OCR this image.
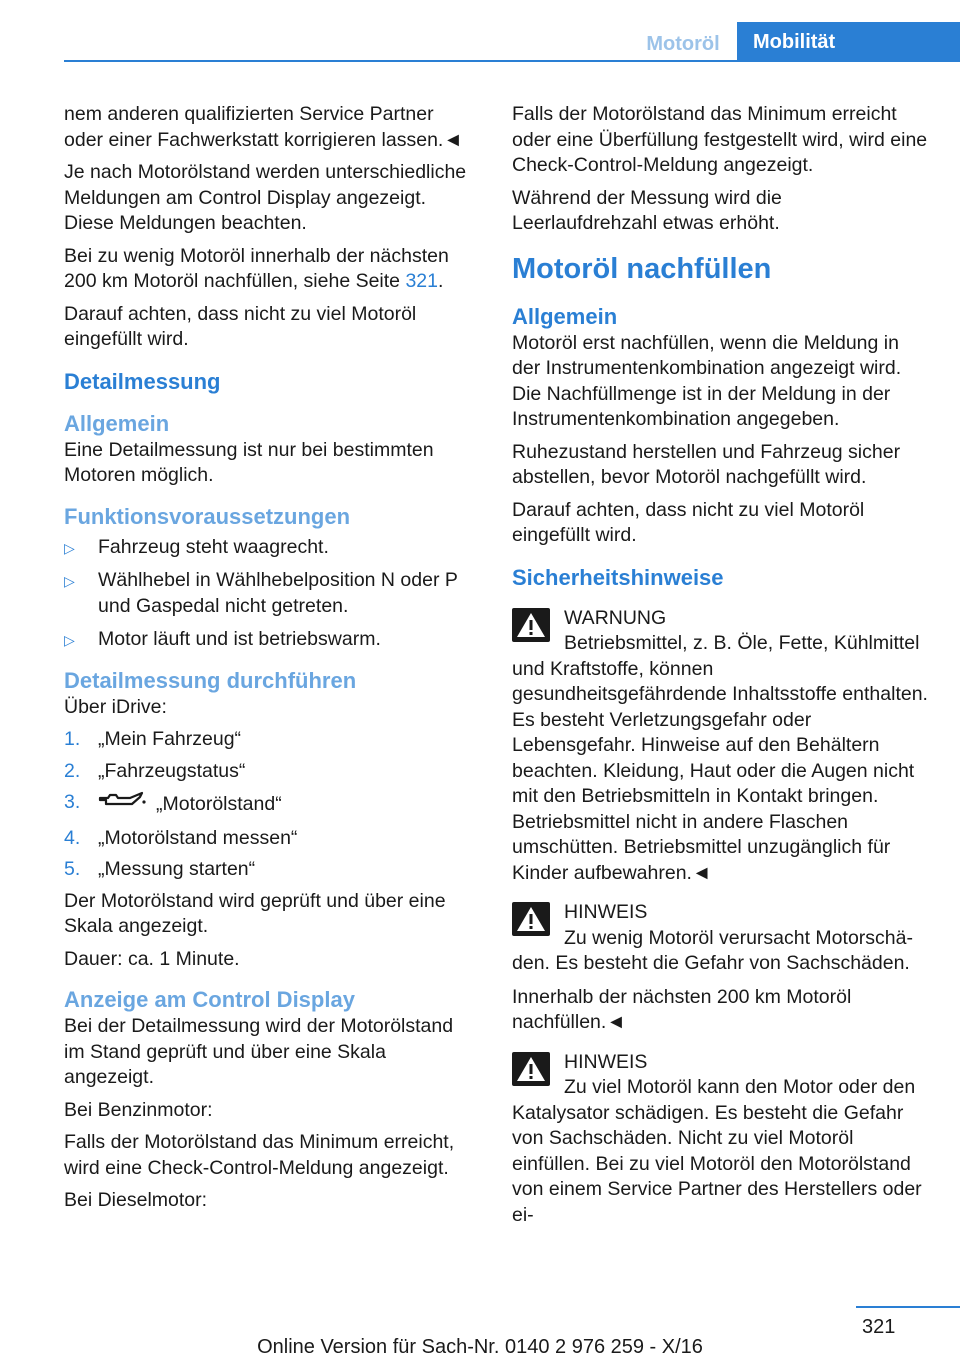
Motoröl	Mobilität

nem anderen qualifizierten Service Partner oder einer Fachwerkstatt korrigieren lassen.◄

Je nach Motorölstand werden unterschiedliche Meldungen am Control Display angezeigt. Diese Meldungen beachten.

Bei zu wenig Motoröl innerhalb der nächsten 200 km Motoröl nachfüllen, siehe Seite 321.

Darauf achten, dass nicht zu viel Motoröl eingefüllt wird.

Detailmessung
Allgemein

Eine Detailmessung ist nur bei bestimmten Motoren möglich.

Funktionsvoraussetzungen
▷ Fahrzeug steht waagrecht.
▷ Wählhebel in Wählhebelposition N oder P und Gaspedal nicht getreten.
▷ Motor läuft und ist betriebswarm.
Detailmessung durchführen

Über iDrive:

1. „Mein Fahrzeug“
2. „Fahrzeugstatus“
3.	„Motorölstand“
4. „Motorölstand messen“
5. „Messung starten“

Der Motorölstand wird geprüft und über eine Skala angezeigt.

Dauer: ca. 1 Minute.

Anzeige am Control Display

Bei der Detailmessung wird der Motorölstand im Stand geprüft und über eine Skala angezeigt.

Bei Benzinmotor:

Falls der Motorölstand das Minimum erreicht, wird eine Check-Control-Meldung angezeigt.

Bei Dieselmotor:

Falls der Motorölstand das Minimum erreicht oder eine Überfüllung festgestellt wird, wird eine Check-Control-Meldung angezeigt.

Während der Messung wird die Leerlaufdrehzahl etwas erhöht.

Motoröl nachfüllen
Allgemein

Motoröl erst nachfüllen, wenn die Meldung in der Instrumentenkombination angezeigt wird. Die Nachfüllmenge ist in der Meldung in der Instrumentenkombination angegeben.

Ruhezustand herstellen und Fahrzeug sicher abstellen, bevor Motoröl nachgefüllt wird.

Darauf achten, dass nicht zu viel Motoröl eingefüllt wird.

Sicherheitshinweise
WARNUNG
Betriebsmittel, z. B. Öle, Fette, Kühlmittel
und Kraftstoffe, können gesundheitsgefährdende Inhaltsstoffe enthalten. Es besteht Verletzungsgefahr oder Lebensgefahr. Hinweise auf den Behältern beachten. Kleidung, Haut oder die Augen nicht mit den Betriebsmitteln in Kontakt bringen. Betriebsmittel nicht in andere Flaschen umschütten. Betriebsmittel unzugänglich für Kinder aufbewahren.◄
HINWEIS
Zu wenig Motoröl verursacht Motorschä-
den. Es besteht die Gefahr von Sachschäden.

Innerhalb der nächsten 200 km Motoröl nachfüllen.◄

HINWEIS
Zu viel Motoröl kann den Motor oder den
Katalysator schädigen. Es besteht die Gefahr von Sachschäden. Nicht zu viel Motoröl einfüllen. Bei zu viel Motoröl den Motorölstand von einem Service Partner des Herstellers oder ei-
321
Online Version für Sach-Nr. 0140 2 976 259 - X/16
